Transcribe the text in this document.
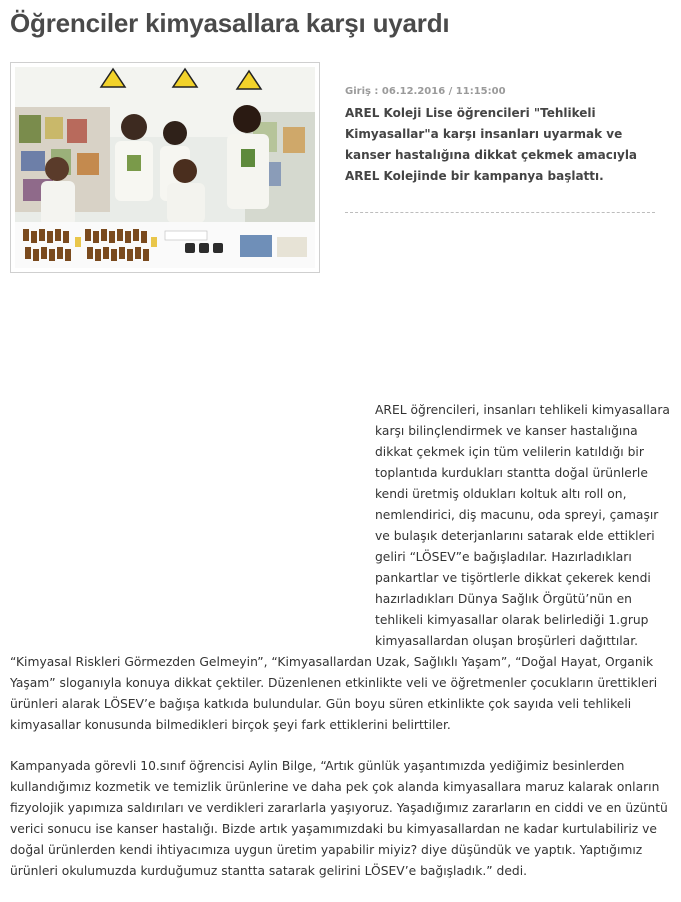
Öğrenciler kimyasallara karşı uyardı
Giriş : 06.12.2016 / 11:15:00
AREL Koleji Lise öğrencileri "Tehlikeli Kimyasallar"a karşı insanları uyarmak ve kanser hastalığına dikkat çekmek amacıyla AREL Kolejinde bir kampanya başlattı.

AREL öğrencileri, insanları tehlikeli kimyasallara karşı bilinçlendirmek ve kanser hastalığına dikkat çekmek için tüm velilerin katıldığı bir toplantıda kurdukları stantta doğal ürünlerle kendi üretmiş oldukları koltuk altı roll on, nemlendirici, diş macunu, oda spreyi, çamaşır ve bulaşık deterjanlarını satarak elde ettikleri geliri “LÖSEV”e bağışladılar. Hazırladıkları pankartlar ve tişörtlerle dikkat çekerek kendi hazırladıkları Dünya Sağlık Örgütü’nün en tehlikeli kimyasallar olarak belirlediği 1.grup kimyasallardan oluşan broşürleri dağıttılar. “Kimyasal Riskleri Görmezden Gelmeyin”, “Kimyasallardan Uzak, Sağlıklı Yaşam”, “Doğal Hayat, Organik Yaşam” sloganıyla konuya dikkat çektiler. Düzenlenen etkinlikte veli ve öğretmenler çocukların ürettikleri ürünleri alarak LÖSEV’e bağışa katkıda bulundular. Gün boyu süren etkinlikte çok sayıda veli tehlikeli kimyasallar konusunda bilmedikleri birçok şeyi fark ettiklerini belirttiler.

Kampanyada görevli 10.sınıf öğrencisi Aylin Bilge, “Artık günlük yaşantımızda yediğimiz besinlerden kullandığımız kozmetik ve temizlik ürünlerine ve daha pek çok alanda kimyasallara maruz kalarak onların fizyolojik yapımıza saldırıları ve verdikleri zararlarla yaşıyoruz. Yaşadığımız zararların en ciddi ve en üzüntü verici sonucu ise kanser hastalığı. Bizde artık yaşamımızdaki bu kimyasallardan ne kadar kurtulabiliriz ve doğal ürünlerden kendi ihtiyacımıza uygun üretim yapabilir miyiz? diye düşündük ve yaptık. Yaptığımız ürünleri okulumuzda kurduğumuz stantta satarak gelirini LÖSEV’e bağışladık.” dedi.
